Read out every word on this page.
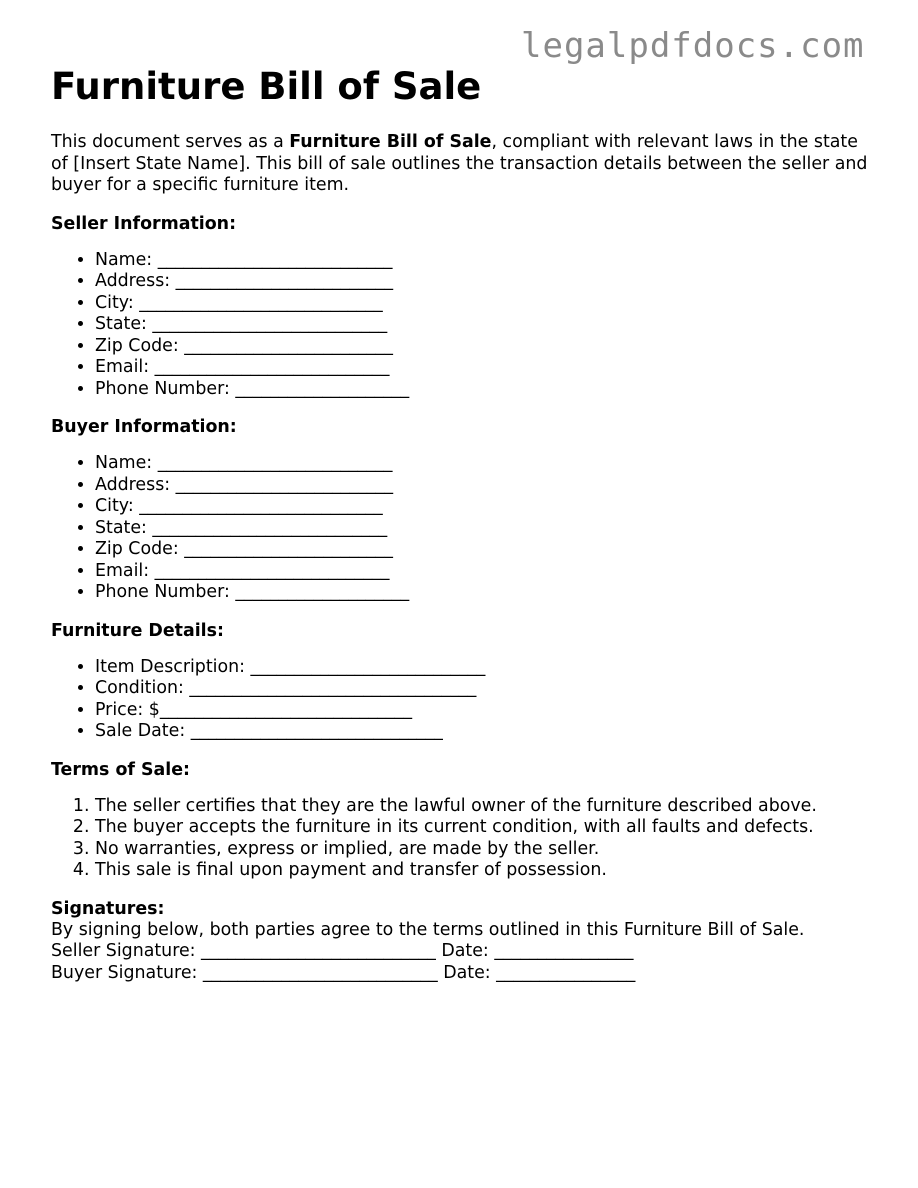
legalpdfdocs.com
Furniture Bill of Sale

This document serves as a Furniture Bill of Sale, compliant with relevant laws in the state of [Insert State Name]. This bill of sale outlines the transaction details between the seller and buyer for a specific furniture item.

Seller Information:
• Name: ___________________________
• Address: _________________________
• City: ____________________________
• State: ___________________________
• Zip Code: ________________________
• Email: ___________________________
• Phone Number: ____________________
Buyer Information:
• Name: ___________________________
• Address: _________________________
• City: ____________________________
• State: ___________________________
• Zip Code: ________________________
• Email: ___________________________
• Phone Number: ____________________
Furniture Details:
• Item Description: ___________________________
• Condition: _________________________________
• Price: $_____________________________
• Sale Date: _____________________________
Terms of Sale:
1. The seller certifies that they are the lawful owner of the furniture described above.
2. The buyer accepts the furniture in its current condition, with all faults and defects.
3. No warranties, express or implied, are made by the seller.
4. This sale is final upon payment and transfer of possession.
Signatures:

By signing below, both parties agree to the terms outlined in this Furniture Bill of Sale.

Seller Signature: ___________________________ Date: ________________

Buyer Signature: ___________________________ Date: ________________
